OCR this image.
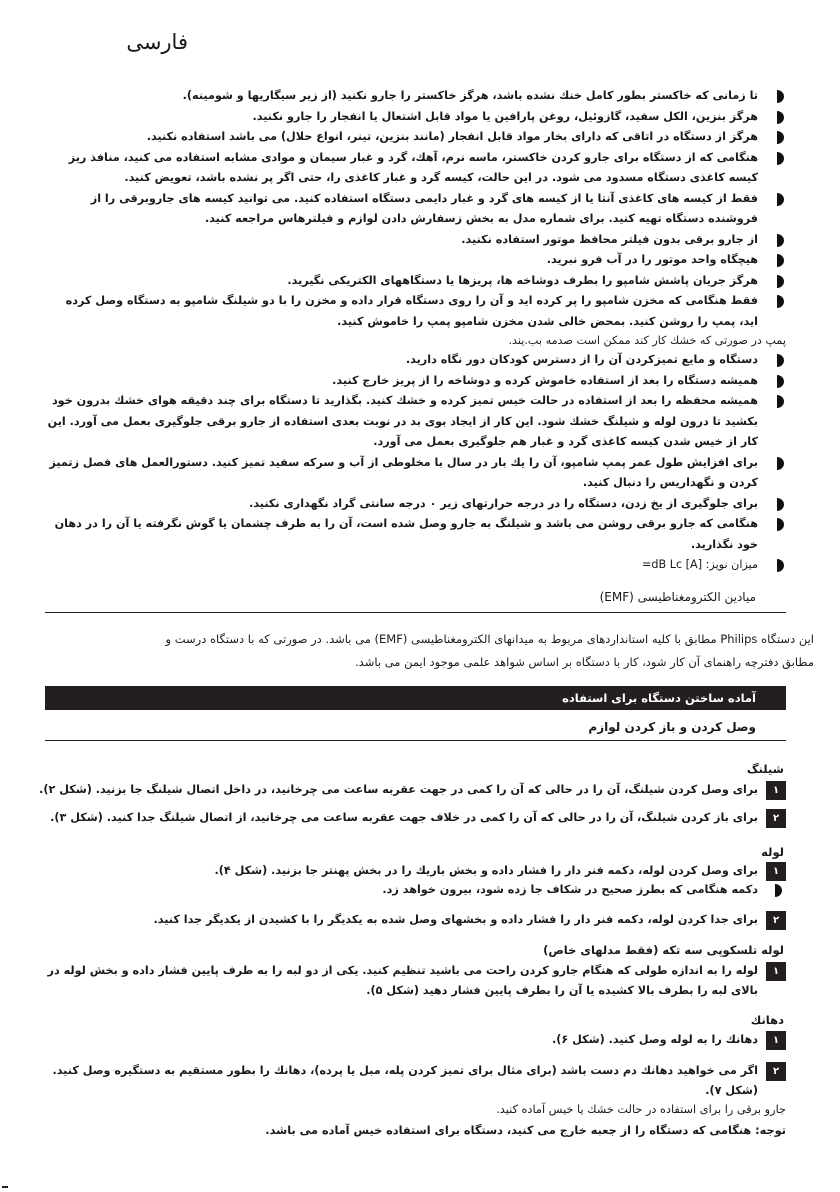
فارسی
تا زمانی که خاکستر بطور کامل خنك نشده باشد، هرگز خاکستر را جارو نکنید (از زیر سیگاریها و شومینه).
هرگز بنزین، الکل سفید، گازوئیل، روغن پارافین یا مواد قابل اشتعال یا انفجار را جارو نکنید.
هرگز از دستگاه در اتاقی که دارای بخار مواد قابل انفجار (مانند بنزین، تینر، انواع حلال) می باشد استفاده نکنید.
هنگامی که از دستگاه برای جارو کردن خاکستر، ماسه نرم، آهك، گرد و غبار سیمان و موادی مشابه استفاده می کنید، منافذ ریز کیسه کاغذی دستگاه مسدود می شود. در این حالت، کیسه گرد و غبار کاغذی را، حتی اگر پر نشده باشد، تعویض کنید.
فقط از کیسه های کاغذی آنتا یا از کیسه های گرد و غبار دایمی دستگاه استفاده کنید. می توانید کیسه های جاروبرقی را از فروشنده دستگاه تهیه کنید. برای شماره مدل به بخش زسفارش دادن لوازم و فیلترهاس مراجعه کنید.
از جارو برقی بدون فیلتر محافظ موتور استفاده نکنید.
هیچگاه واحد موتور را در آب فرو نبرید.
هرگز جریان پاشش شامپو را بطرف دوشاخه ها، پریزها یا دستگاههای الکتریکی نگیرید.
فقط هنگامی که مخزن شامپو را پر کرده اید و آن را روی دستگاه قرار داده و مخزن را با دو شیلنگ شامپو به دستگاه وصل کرده اید، پمپ را روشن کنید. بمحض خالی شدن مخزن شامپو پمپ را خاموش کنید.
پمپ در صورتی که خشك کار کند ممکن است صدمه بب.یند.
دستگاه و مایع تمیزکردن آن را از دسترس کودکان دور نگاه دارید.
همیشه دستگاه را بعد از استفاده خاموش کرده و دوشاخه را از پریز خارج کنید.
همیشه محفظه را بعد از استفاده در حالت خیس تمیز کرده و خشك کنید. بگذارید تا دستگاه برای چند دقیقه هوای خشك بدرون خود بکشید تا درون لوله و شیلنگ خشك شود. این کار از ایجاد بوی بد در نوبت بعدی استفاده از جارو برقی جلوگیری بعمل می آورد. این کار از خیس شدن کیسه کاغذی گرد و غبار هم جلوگیری بعمل می آورد.
برای افزایش طول عمر پمپ شامپو، آن را یك بار در سال با مخلوطی از آب و سرکه سفید تمیز کنید. دستورالعمل های فصل زتمیز کردن و نگهداریس را دنبال کنید.
برای جلوگیری از یخ زدن، دستگاه را در درجه حرارتهای زیر ۰ درجه سانتی گراد نگهداری نکنید.
هنگامی که جارو برقی روشن می باشد و شیلنگ به جارو وصل شده است، آن را به طرف چشمان یا گوش نگرفته یا آن را در دهان خود نگذارید.
میزان نویز: [A] dB Lc=
میادین الکترومغناطیسی (EMF)
این دستگاه Philips مطابق با کلیه استانداردهای مربوط به میدانهای الکترومغناطیسی (EMF) می باشد. در صورتی که با دستگاه درست و
مطابق دفترچه راهنمای آن کار شود، کار با دستگاه بر اساس شواهد علمی موجود ایمن می باشد.
آماده ساختن دستگاه برای استفاده
وصل کردن و باز کردن لوازم
شیلنگ
۱
برای وصل کردن شیلنگ، آن را در حالی که آن را کمی در جهت عقربه ساعت می چرخانید، در داخل اتصال شیلنگ جا بزنید. (شکل ۲).
۲
برای باز کردن شیلنگ، آن را در حالی که آن را کمی در خلاف جهت عقربه ساعت می چرخانید، از اتصال شیلنگ جدا کنید. (شکل ۳).
لوله
۱
برای وصل کردن لوله، دکمه فنر دار را فشار داده و بخش باریك را در بخش پهنتر جا بزنید. (شکل ۴).
دکمه هنگامی که بطرز صحیح در شکاف جا زده شود، بیرون خواهد زد.
۲
برای جدا کردن لوله، دکمه فنر دار را فشار داده و بخشهای وصل شده به یکدیگر را با کشیدن از یکدیگر جدا کنید.
لوله تلسکوپی سه تکه (فقط مدلهای خاص)
۱
لوله را به اندازه طولی که هنگام جارو کردن راحت می باشید تنظیم کنید. یکی از دو لبه را به طرف پایین فشار داده و بخش لوله در بالای لبه را بطرف بالا کشیده یا آن را بطرف پایین فشار دهید (شکل ۵).
دهانك
۱
دهانك را به لوله وصل کنید. (شکل ۶).
۲
اگر می خواهید دهانك دم دست باشد (برای مثال برای تمیز کردن پله، مبل یا پرده)، دهانك را بطور مستقیم به دستگیره وصل کنید. (شکل ۷).
جارو برقی را برای استفاده در حالت خشك یا خیس آماده کنید.
توجه: هنگامی که دستگاه را از جعبه خارج می کنید، دستگاه برای استفاده خیس آماده می باشد.
